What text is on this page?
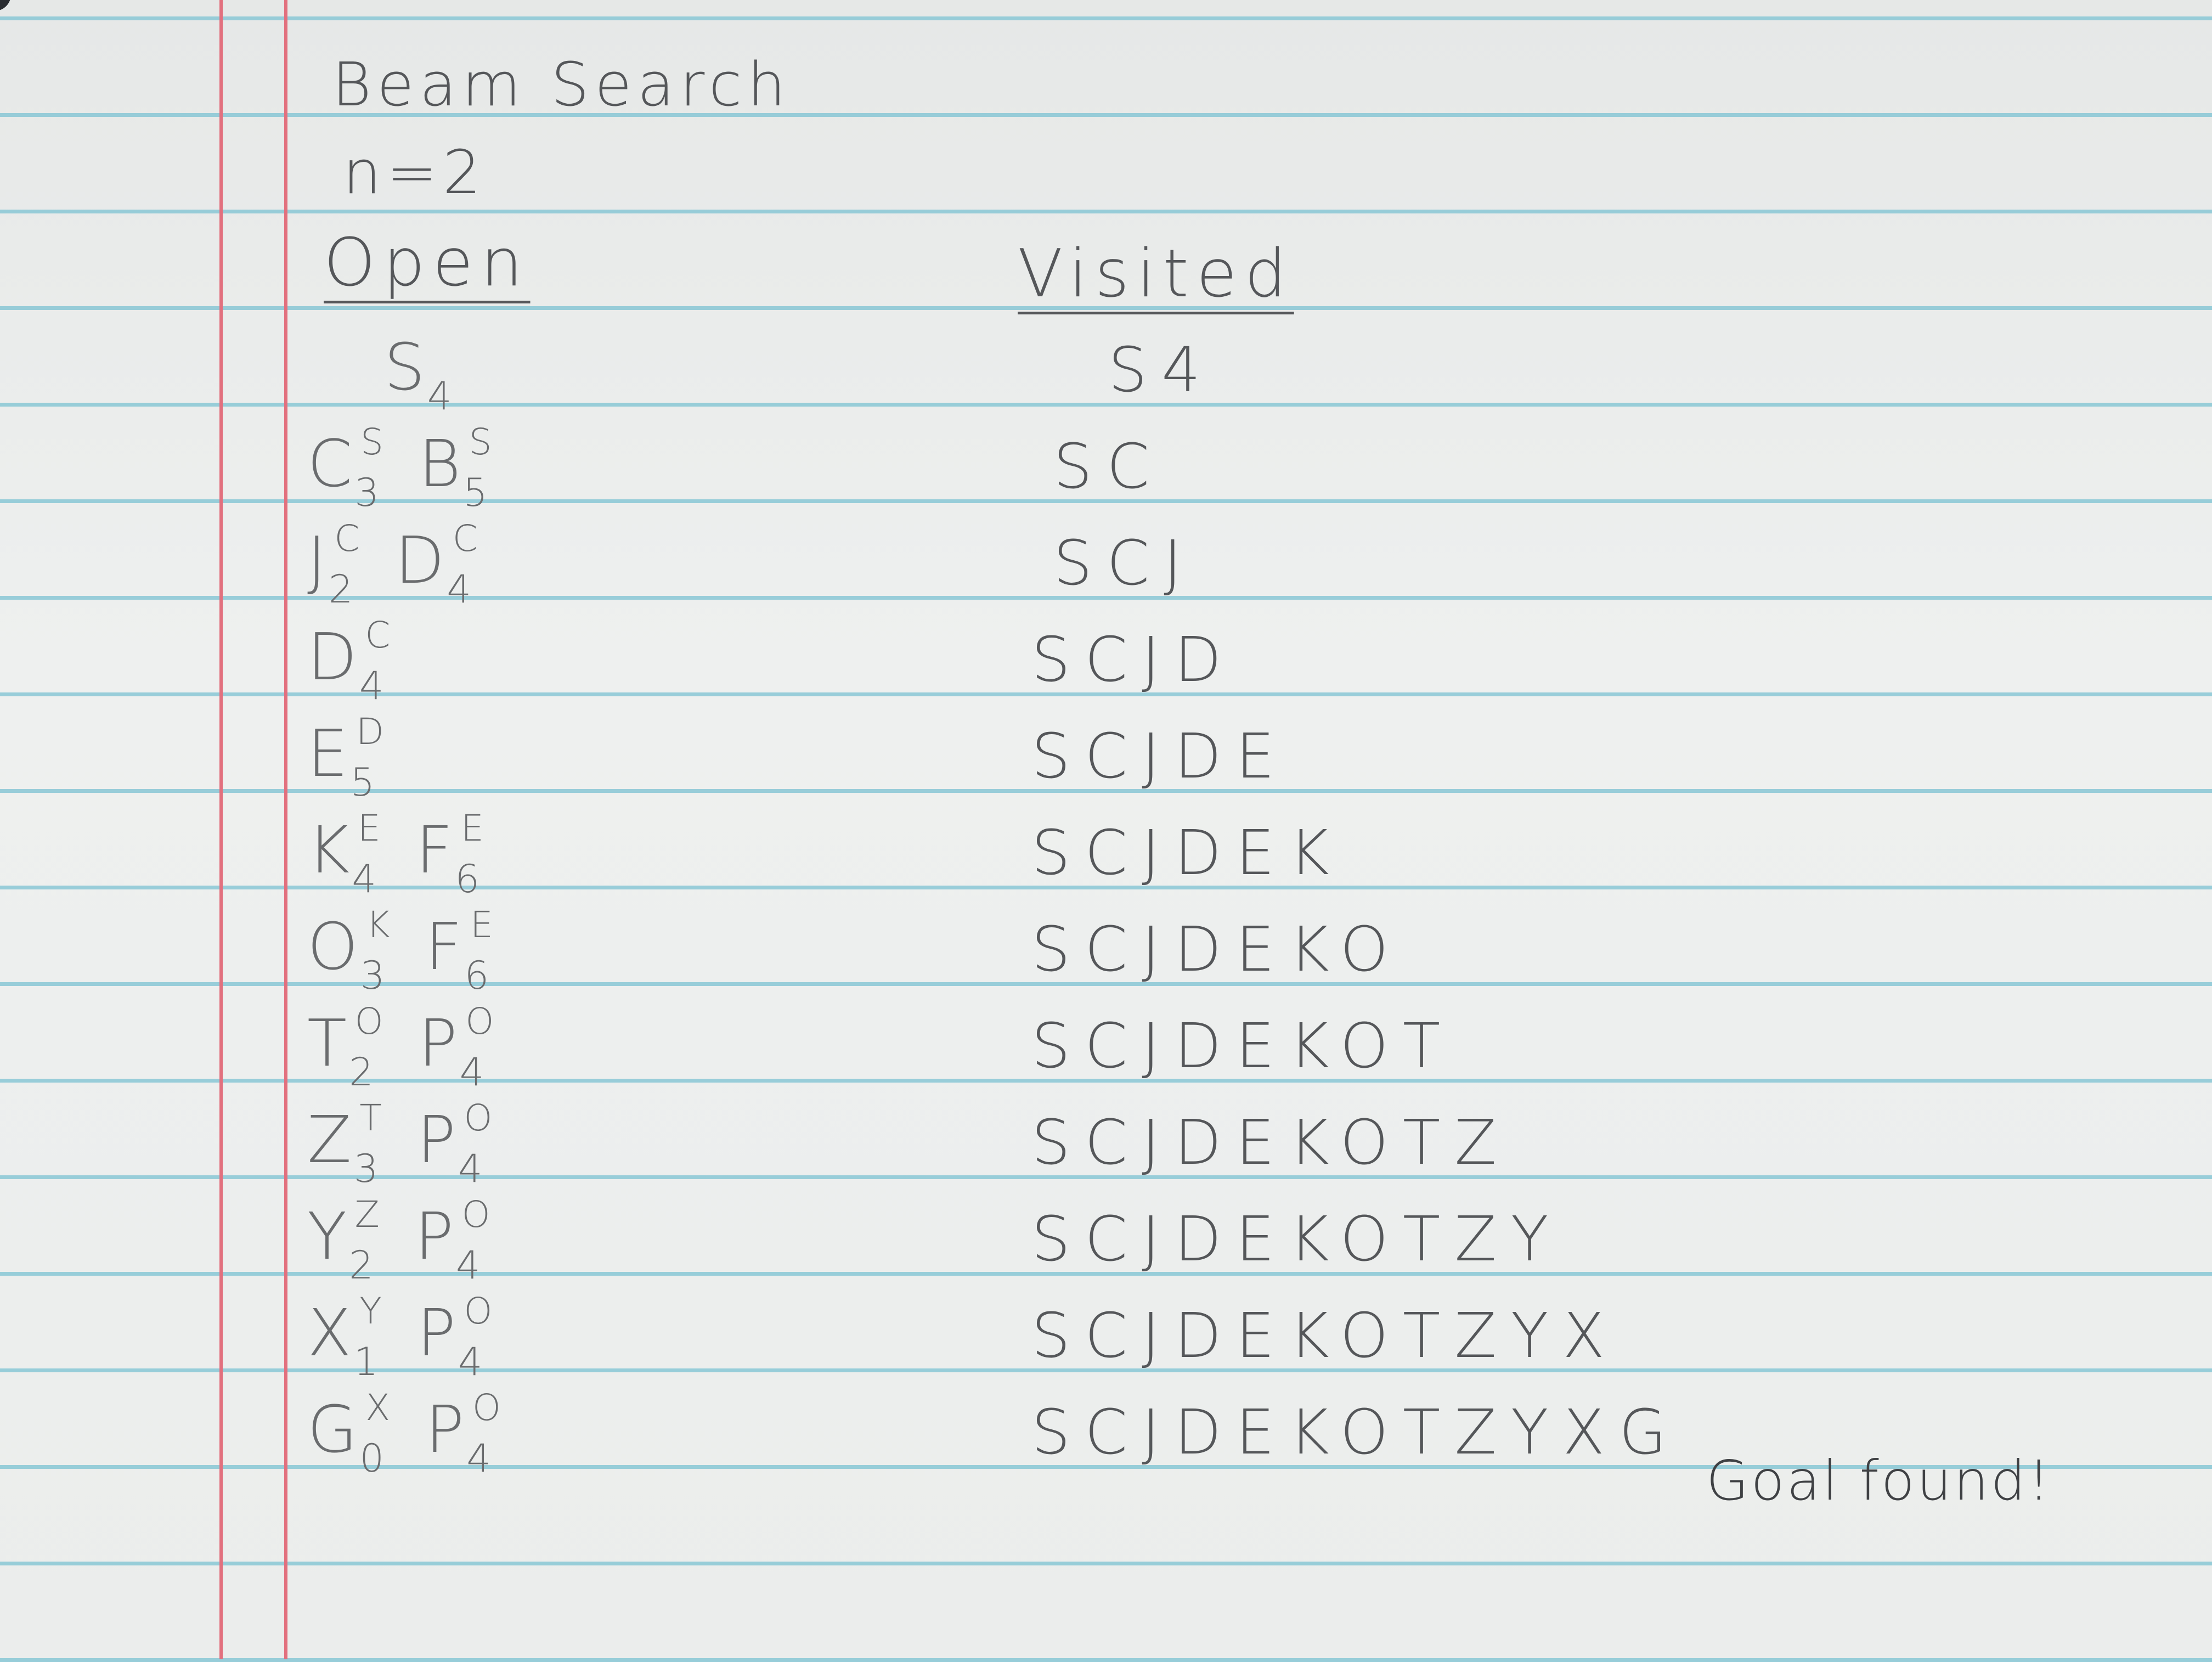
Beam Search
n=2
Open	Visited
$S_4$
$C_3^S$ $B_5^S$
$J_2^C$ $D_4^C$
$D_4^C$
$E_5^D$
$K_4^E$ $F_6^E$
$O_3^K$ $F_6^E$
$T_2^O$ $P_4^O$
$Z_3^T$ $P_4^O$
$Y_2^Z$ $P_4^O$
$X_1^Y$ $P_4^O$
$G_0^X$ $P_4^O$
S4
SC
SCJ
SCJD
SCJDE
SCJDEK
SCJDEKO
SCJDEKOT
SCJDEKOTZ
SCJDEKOTZY
SCJDEKOTZYX
SCJDEKOTZYXG
Goal found!
